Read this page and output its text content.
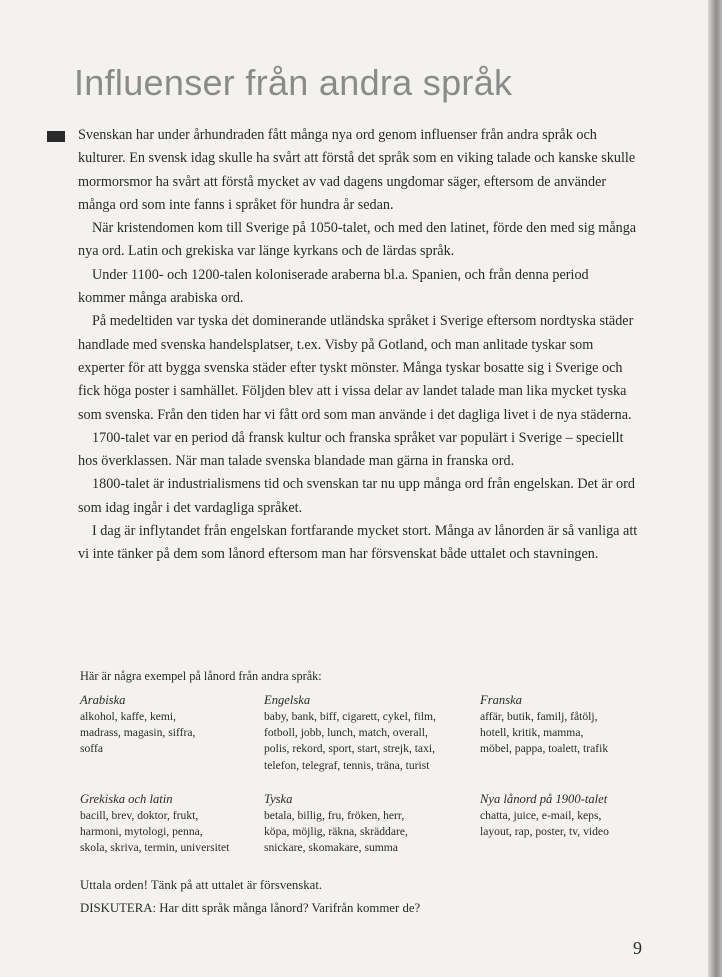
Influenser från andra språk

Svenskan har under århundraden fått många nya ord genom influenser från andra språk och kulturer. En svensk idag skulle ha svårt att förstå det språk som en viking talade och kanske skulle mormorsmor ha svårt att förstå mycket av vad dagens ungdomar säger, eftersom de använder många ord som inte fanns i språket för hundra år sedan.

När kristendomen kom till Sverige på 1050-talet, och med den latinet, förde den med sig många nya ord. Latin och grekiska var länge kyrkans och de lärdas språk.

Under 1100- och 1200-talen koloniserade araberna bl.a. Spanien, och från denna period kommer många arabiska ord.

På medeltiden var tyska det dominerande utländska språket i Sverige eftersom nordtyska städer handlade med svenska handelsplatser, t.ex. Visby på Gotland, och man anlitade tyskar som experter för att bygga svenska städer efter tyskt mönster. Många tyskar bosatte sig i Sverige och fick höga poster i samhället. Följden blev att i vissa delar av landet talade man lika mycket tyska som svenska. Från den tiden har vi fått ord som man använde i det dagliga livet i de nya städerna.

1700-talet var en period då fransk kultur och franska språket var populärt i Sverige – speciellt hos överklassen. När man talade svenska blandade man gärna in franska ord.

1800-talet är industrialismens tid och svenskan tar nu upp många ord från engelskan. Det är ord som idag ingår i det vardagliga språket.

I dag är inflytandet från engelskan fortfarande mycket stort. Många av lånorden är så vanliga att vi inte tänker på dem som lånord eftersom man har försvenskat både uttalet och stavningen.

Här är några exempel på lånord från andra språk:
Arabiska
alkohol, kaffe, kemi,
madrass, magasin, siffra,
soffa
Engelska
baby, bank, biff, cigarett, cykel, film,
fotboll, jobb, lunch, match, overall,
polis, rekord, sport, start, strejk, taxi,
telefon, telegraf, tennis, träna, turist
Franska
affär, butik, familj, fåtölj,
hotell, kritik, mamma,
möbel, pappa, toalett, trafik
Grekiska och latin
bacill, brev, doktor, frukt,
harmoni, mytologi, penna,
skola, skriva, termin, universitet
Tyska
betala, billig, fru, fröken, herr,
köpa, möjlig, räkna, skräddare,
snickare, skomakare, summa
Nya lånord på 1900-talet
chatta, juice, e-mail, keps,
layout, rap, poster, tv, video
Uttala orden! Tänk på att uttalet är försvenskat.
DISKUTERA: Har ditt språk många lånord? Varifrån kommer de?
9
